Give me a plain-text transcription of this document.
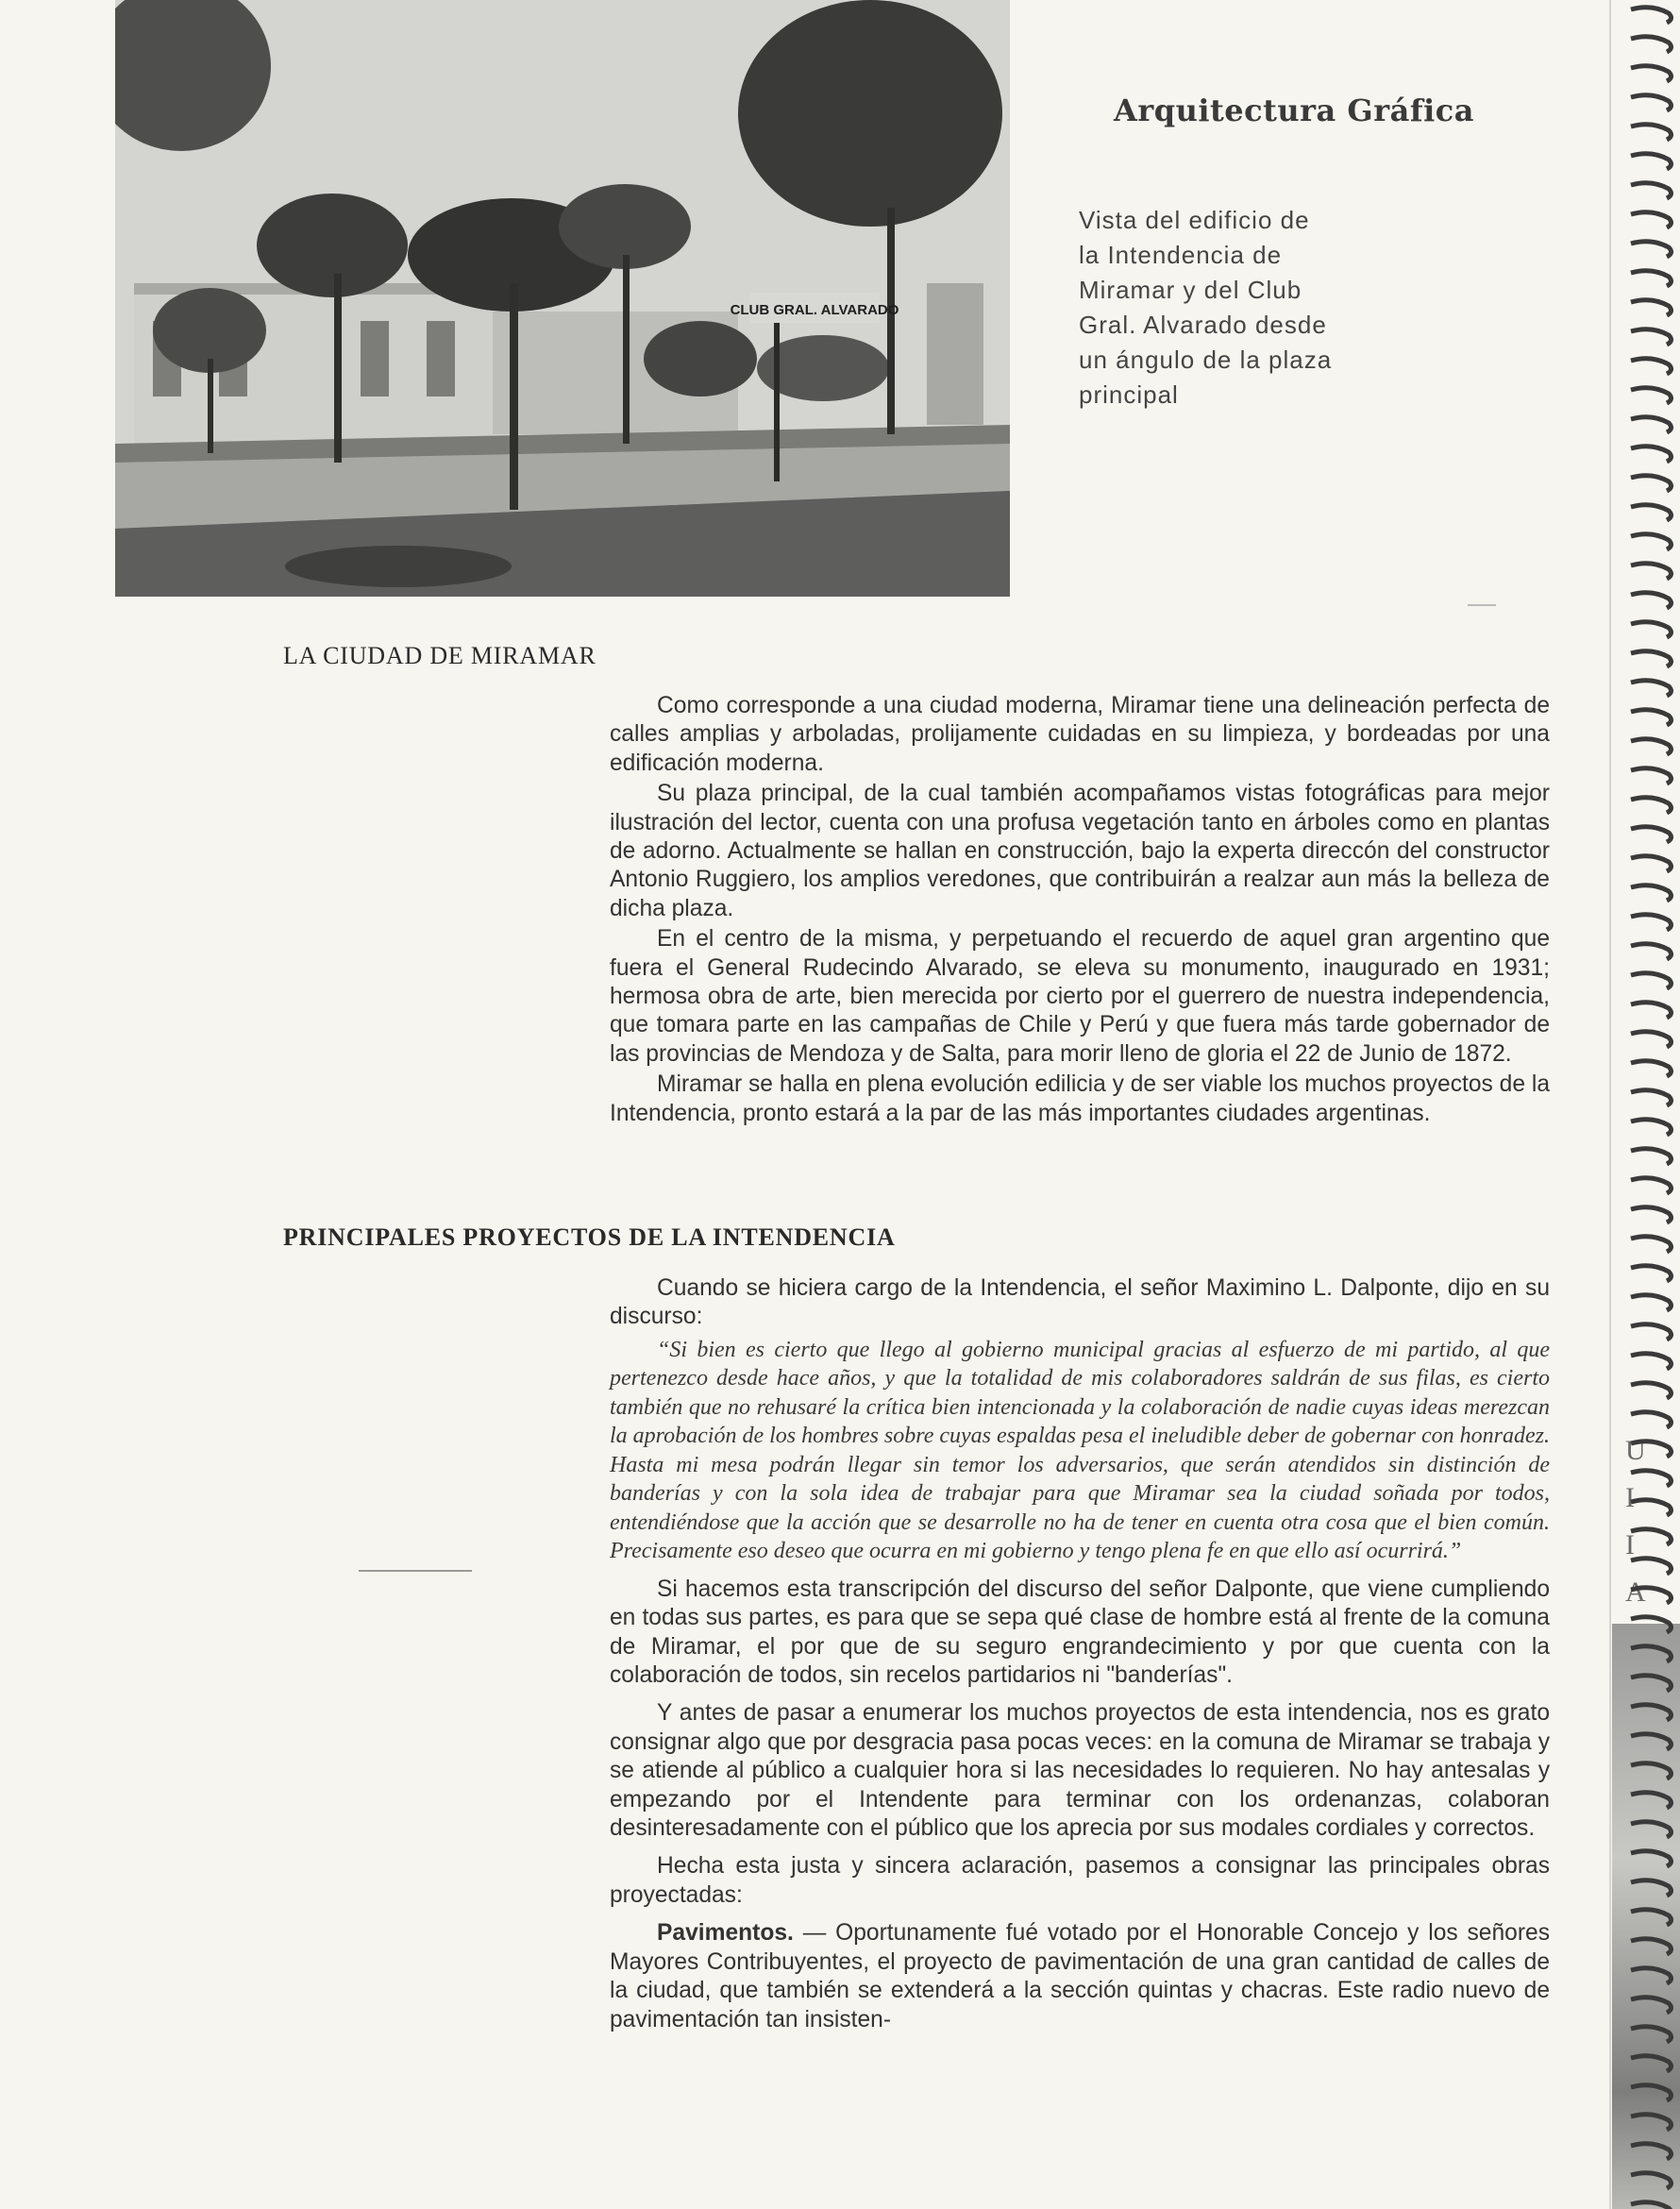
CLUB GRAL. ALVARADO
Arquitectura Gráfica
Vista del edificio de
la Intendencia de
Miramar y del Club
Gral. Alvarado desde
un ángulo de la plaza
principal
LA CIUDAD DE MIRAMAR

Como corresponde a una ciudad moderna, Miramar tiene una delineación perfecta de calles amplias y arboladas, prolijamente cuidadas en su limpieza, y bordeadas por una edificación moderna.

Su plaza principal, de la cual también acompañamos vistas fotográficas para mejor ilustración del lector, cuenta con una profusa vegetación tanto en árboles como en plantas de adorno. Actualmente se hallan en construcción, bajo la experta direccón del constructor Antonio Ruggiero, los amplios veredones, que contribuirán a realzar aun más la belleza de dicha plaza.

En el centro de la misma, y perpetuando el recuerdo de aquel gran argentino que fuera el General Rudecindo Alvarado, se eleva su monumento, inaugurado en 1931; hermosa obra de arte, bien merecida por cierto por el guerrero de nuestra independencia, que tomara parte en las campañas de Chile y Perú y que fuera más tarde gobernador de las provincias de Mendoza y de Salta, para morir lleno de gloria el 22 de Junio de 1872.

Miramar se halla en plena evolución edilicia y de ser viable los muchos proyectos de la Intendencia, pronto estará a la par de las más importantes ciudades argentinas.

PRINCIPALES PROYECTOS DE LA INTENDENCIA

Cuando se hiciera cargo de la Intendencia, el señor Maximino L. Dalponte, dijo en su discurso:

“Si bien es cierto que llego al gobierno municipal gracias al esfuerzo de mi partido, al que pertenezco desde hace años, y que la totalidad de mis colaboradores saldrán de sus filas, es cierto también que no rehusaré la crítica bien intencionada y la colaboración de nadie cuyas ideas merezcan la aprobación de los hombres sobre cuyas espaldas pesa el ineludible deber de gobernar con honradez. Hasta mi mesa podrán llegar sin temor los adversarios, que serán atendidos sin distinción de banderías y con la sola idea de trabajar para que Miramar sea la ciudad soñada por todos, entendiéndose que la acción que se desarrolle no ha de tener en cuenta otra cosa que el bien común. Precisamente eso deseo que ocurra en mi gobierno y tengo plena fe en que ello así ocurrirá.”

Si hacemos esta transcripción del discurso del señor Dalponte, que viene cumpliendo en todas sus partes, es para que se sepa qué clase de hombre está al frente de la comuna de Miramar, el por que de su seguro engrandecimiento y por que cuenta con la colaboración de todos, sin recelos partidarios ni "banderías".

Y antes de pasar a enumerar los muchos proyectos de esta intendencia, nos es grato consignar algo que por desgracia pasa pocas veces: en la comuna de Miramar se trabaja y se atiende al público a cualquier hora si las necesidades lo requieren. No hay antesalas y empezando por el Intendente para terminar con los ordenanzas, colaboran desinteresadamente con el público que los aprecia por sus modales cordiales y correctos.

Hecha esta justa y sincera aclaración, pasemos a consignar las principales obras proyectadas:

Pavimentos. — Oportunamente fué votado por el Honorable Concejo y los señores Mayores Contribuyentes, el proyecto de pavimentación de una gran cantidad de calles de la ciudad, que también se extenderá a la sección quintas y chacras. Este radio nuevo de pavimentación tan insisten-

U
I
I
A
